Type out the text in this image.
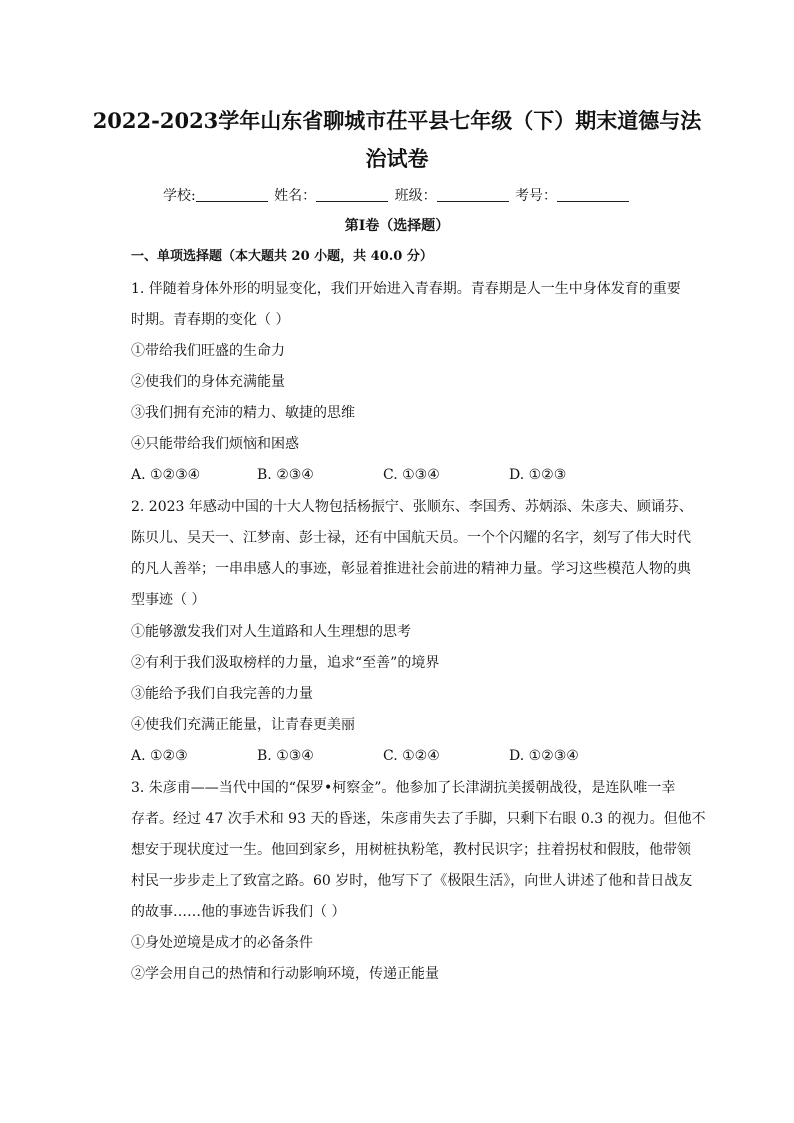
2022-2023学年山东省聊城市茌平县七年级（下）期末道德与法
治试卷
学校:	姓名：	班级：	考号：
第Ⅰ卷（选择题）
一、单项选择题（本大题共 20 小题，共 40.0 分）
1. 伴随着身体外形的明显变化，我们开始进入青春期。青春期是人一生中身体发育的重要
时期。青春期的变化（ ）
①带给我们旺盛的生命力
②使我们的身体充满能量
③我们拥有充沛的精力、敏捷的思维
④只能带给我们烦恼和困惑
A. ①②③④	B. ②③④	C. ①③④	D. ①②③
2. 2023 年感动中国的十大人物包括杨振宁、张顺东、李国秀、苏炳添、朱彦夫、顾诵芬、
陈贝儿、吴天一、江梦南、彭士禄，还有中国航天员。一个个闪耀的名字，刻写了伟大时代
的凡人善举；一串串感人的事迹，彰显着推进社会前进的精神力量。学习这些模范人物的典
型事迹（ ）
①能够激发我们对人生道路和人生理想的思考
②有利于我们汲取榜样的力量，追求“至善”的境界
③能给予我们自我完善的力量
④使我们充满正能量，让青春更美丽
A. ①②③	B. ①③④	C. ①②④	D. ①②③④
3. 朱彦甫——当代中国的“保罗•柯察金”。他参加了长津湖抗美援朝战役，是连队唯一幸
存者。经过 47 次手术和 93 天的昏迷，朱彦甫失去了手脚，只剩下右眼 0.3 的视力。但他不
想安于现状度过一生。他回到家乡，用树桩执粉笔，教村民识字；拄着拐杖和假肢，他带领
村民一步步走上了致富之路。60 岁时，他写下了《极限生活》，向世人讲述了他和昔日战友
的故事……他的事迹告诉我们（ ）
①身处逆境是成才的必备条件
②学会用自己的热情和行动影响环境，传递正能量
